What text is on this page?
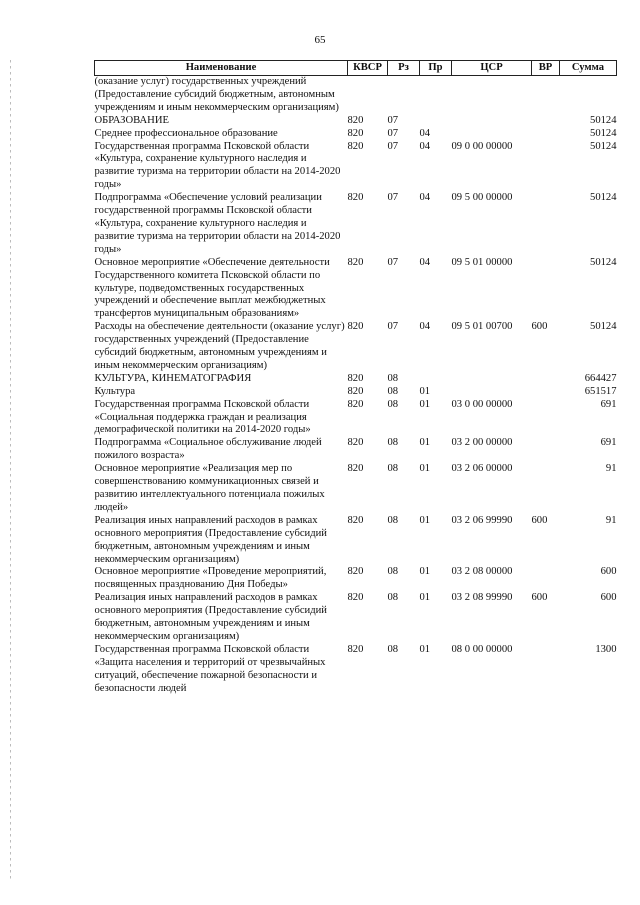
65
Наименование	КВСР	Рз	Пр	ЦСР	ВР	Сумма
(оказание услуг) государственных учреждений (Предоставление субсидий бюджетным, автономным учреждениям и иным некоммерческим организациям)						
ОБРАЗОВАНИЕ	820	07				50124
Среднее профессиональное образование	820	07	04			50124
Государственная программа Псковской области «Культура, сохранение культурного наследия и развитие туризма на территории области на 2014-2020 годы»	820	07	04	09 0 00 00000		50124
Подпрограмма «Обеспечение условий реализации государственной программы Псковской области «Культура, сохранение культурного наследия и развитие туризма на территории области на 2014-2020 годы»	820	07	04	09 5 00 00000		50124
Основное мероприятие «Обеспечение деятельности Государственного комитета Псковской области по культуре, подведомственных государственных учреждений и обеспечение выплат межбюджетных трансфертов муниципальным образованиям»	820	07	04	09 5 01 00000		50124
Расходы на обеспечение деятельности (оказание услуг) государственных учреждений (Предоставление субсидий бюджетным, автономным учреждениям и иным некоммерческим организациям)	820	07	04	09 5 01 00700	600	50124
КУЛЬТУРА, КИНЕМАТОГРАФИЯ	820	08				664427
Культура	820	08	01			651517
Государственная программа Псковской области «Социальная поддержка граждан и реализация демографической политики на 2014-2020 годы»	820	08	01	03 0 00 00000		691
Подпрограмма «Социальное обслуживание людей пожилого возраста»	820	08	01	03 2 00 00000		691
Основное мероприятие «Реализация мер по совершенствованию коммуникационных связей и развитию интеллектуального потенциала пожилых людей»	820	08	01	03 2 06 00000		91
Реализация иных направлений расходов в рамках основного мероприятия (Предоставление субсидий бюджетным, автономным учреждениям и иным некоммерческим организациям)	820	08	01	03 2 06 99990	600	91
Основное мероприятие «Проведение мероприятий, посвященных празднованию Дня Победы»	820	08	01	03 2 08 00000		600
Реализация иных направлений расходов в рамках основного мероприятия (Предоставление субсидий бюджетным, автономным учреждениям и иным некоммерческим организациям)	820	08	01	03 2 08 99990	600	600
Государственная программа Псковской области «Защита населения и территорий от чрезвычайных ситуаций, обеспечение пожарной безопасности и безопасности людей	820	08	01	08 0 00 00000		1300
